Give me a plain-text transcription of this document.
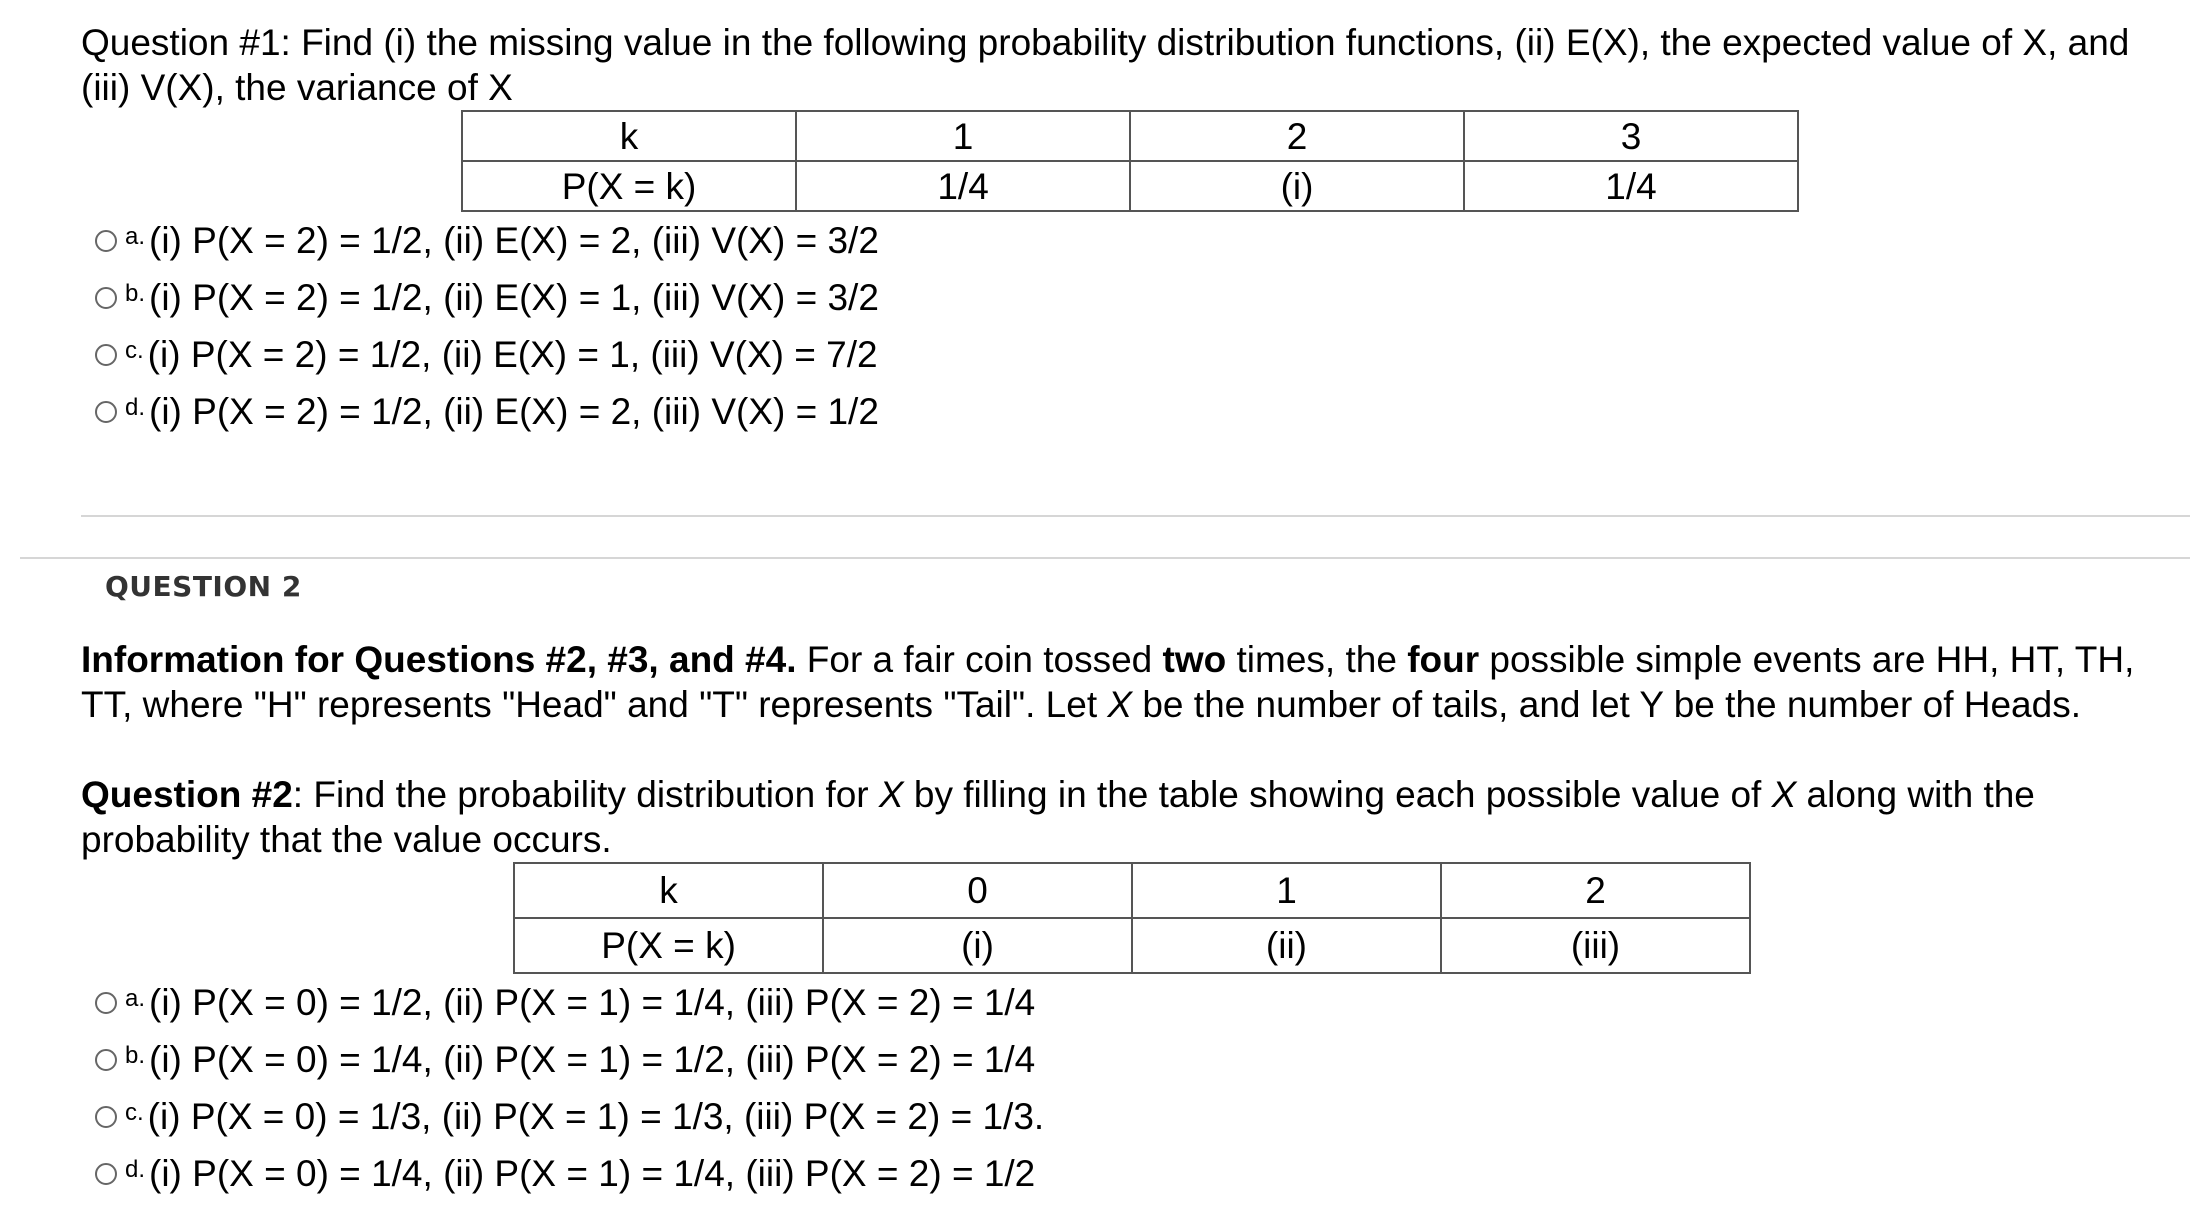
Question #1: Find (i) the missing value in the following probability distribution functions, (ii) E(X), the expected value of X, and (iii) V(X), the variance of X

k	1	2	3
P(X = k)	1/4	(i)	1/4
a. (i) P(X = 2) = 1/2, (ii) E(X) = 2, (iii) V(X) = 3/2
b. (i) P(X = 2) = 1/2, (ii) E(X) = 1, (iii) V(X) = 3/2
c. (i) P(X = 2) = 1/2, (ii) E(X) = 1, (iii) V(X) = 7/2
d. (i) P(X = 2) = 1/2, (ii) E(X) = 2, (iii) V(X) = 1/2
QUESTION 2

Information for Questions #2, #3, and #4. For a fair coin tossed two times, the four possible simple events are HH, HT, TH, TT, where "H" represents "Head" and "T" represents "Tail". Let X be the number of tails, and let Y be the number of Heads.

Question #2: Find the probability distribution for X by filling in the table showing each possible value of X along with the probability that the value occurs.

k	0	1	2
P(X = k)	(i)	(ii)	(iii)
a. (i) P(X = 0) = 1/2, (ii) P(X = 1) = 1/4, (iii) P(X = 2) = 1/4
b. (i) P(X = 0) = 1/4, (ii) P(X = 1) = 1/2, (iii) P(X = 2) = 1/4
c. (i) P(X = 0) = 1/3, (ii) P(X = 1) = 1/3, (iii) P(X = 2) = 1/3.
d. (i) P(X = 0) = 1/4, (ii) P(X = 1) = 1/4, (iii) P(X = 2) = 1/2
